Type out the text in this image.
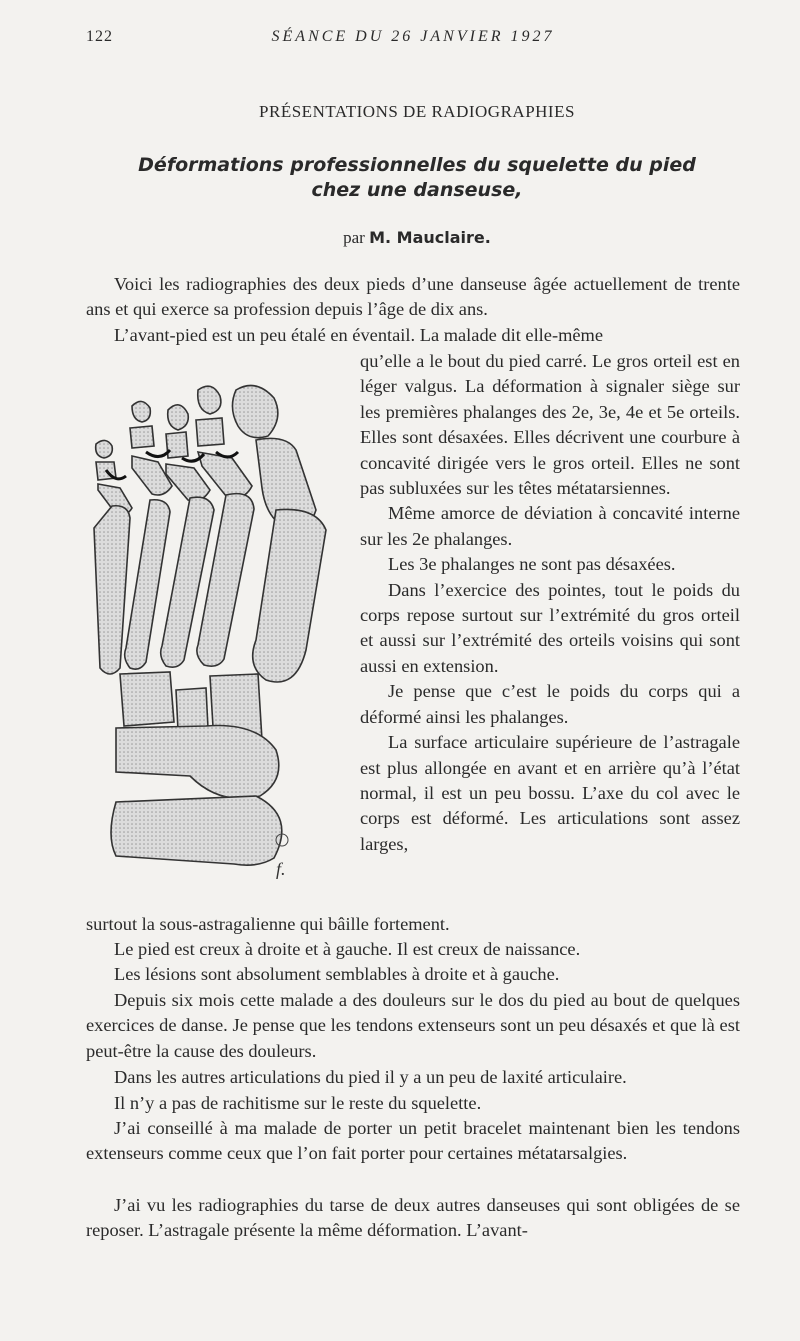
122	SÉANCE DU 26 JANVIER 1927
PRÉSENTATIONS DE RADIOGRAPHIES
Déformations professionnelles du squelette du pied
chez une danseuse,
par M. Mauclaire.

Voici les radiographies des deux pieds d’une danseuse âgée actuellement de trente ans et qui exerce sa profession depuis l’âge de dix ans.

L’avant-pied est un peu étalé en éventail. La malade dit elle-même

f.

qu’elle a le bout du pied carré. Le gros orteil est en léger valgus. La déformation à signaler siège sur les premières phalanges des 2e, 3e, 4e et 5e orteils. Elles sont désaxées. Elles décrivent une courbure à concavité dirigée vers le gros orteil. Elles ne sont pas subluxées sur les têtes métatarsiennes.

Même amorce de déviation à concavité interne sur les 2e phalanges.

Les 3e phalanges ne sont pas désaxées.

Dans l’exercice des pointes, tout le poids du corps repose surtout sur l’extrémité du gros orteil et aussi sur l’extrémité des orteils voisins qui sont aussi en extension.

Je pense que c’est le poids du corps qui a déformé ainsi les phalanges.

La surface articulaire supérieure de l’astragale est plus allongée en avant et en arrière qu’à l’état normal, il est un peu bossu. L’axe du col avec le corps est déformé. Les articulations sont assez larges,

surtout la sous-astragalienne qui bâille fortement.

Le pied est creux à droite et à gauche. Il est creux de naissance.

Les lésions sont absolument semblables à droite et à gauche.

Depuis six mois cette malade a des douleurs sur le dos du pied au bout de quelques exercices de danse. Je pense que les tendons extenseurs sont un peu désaxés et que là est peut-être la cause des douleurs.

Dans les autres articulations du pied il y a un peu de laxité articulaire.

Il n’y a pas de rachitisme sur le reste du squelette.

J’ai conseillé à ma malade de porter un petit bracelet maintenant bien les tendons extenseurs comme ceux que l’on fait porter pour certaines métatarsalgies.

J’ai vu les radiographies du tarse de deux autres danseuses qui sont obligées de se reposer. L’astragale présente la même déformation. L’avant-
